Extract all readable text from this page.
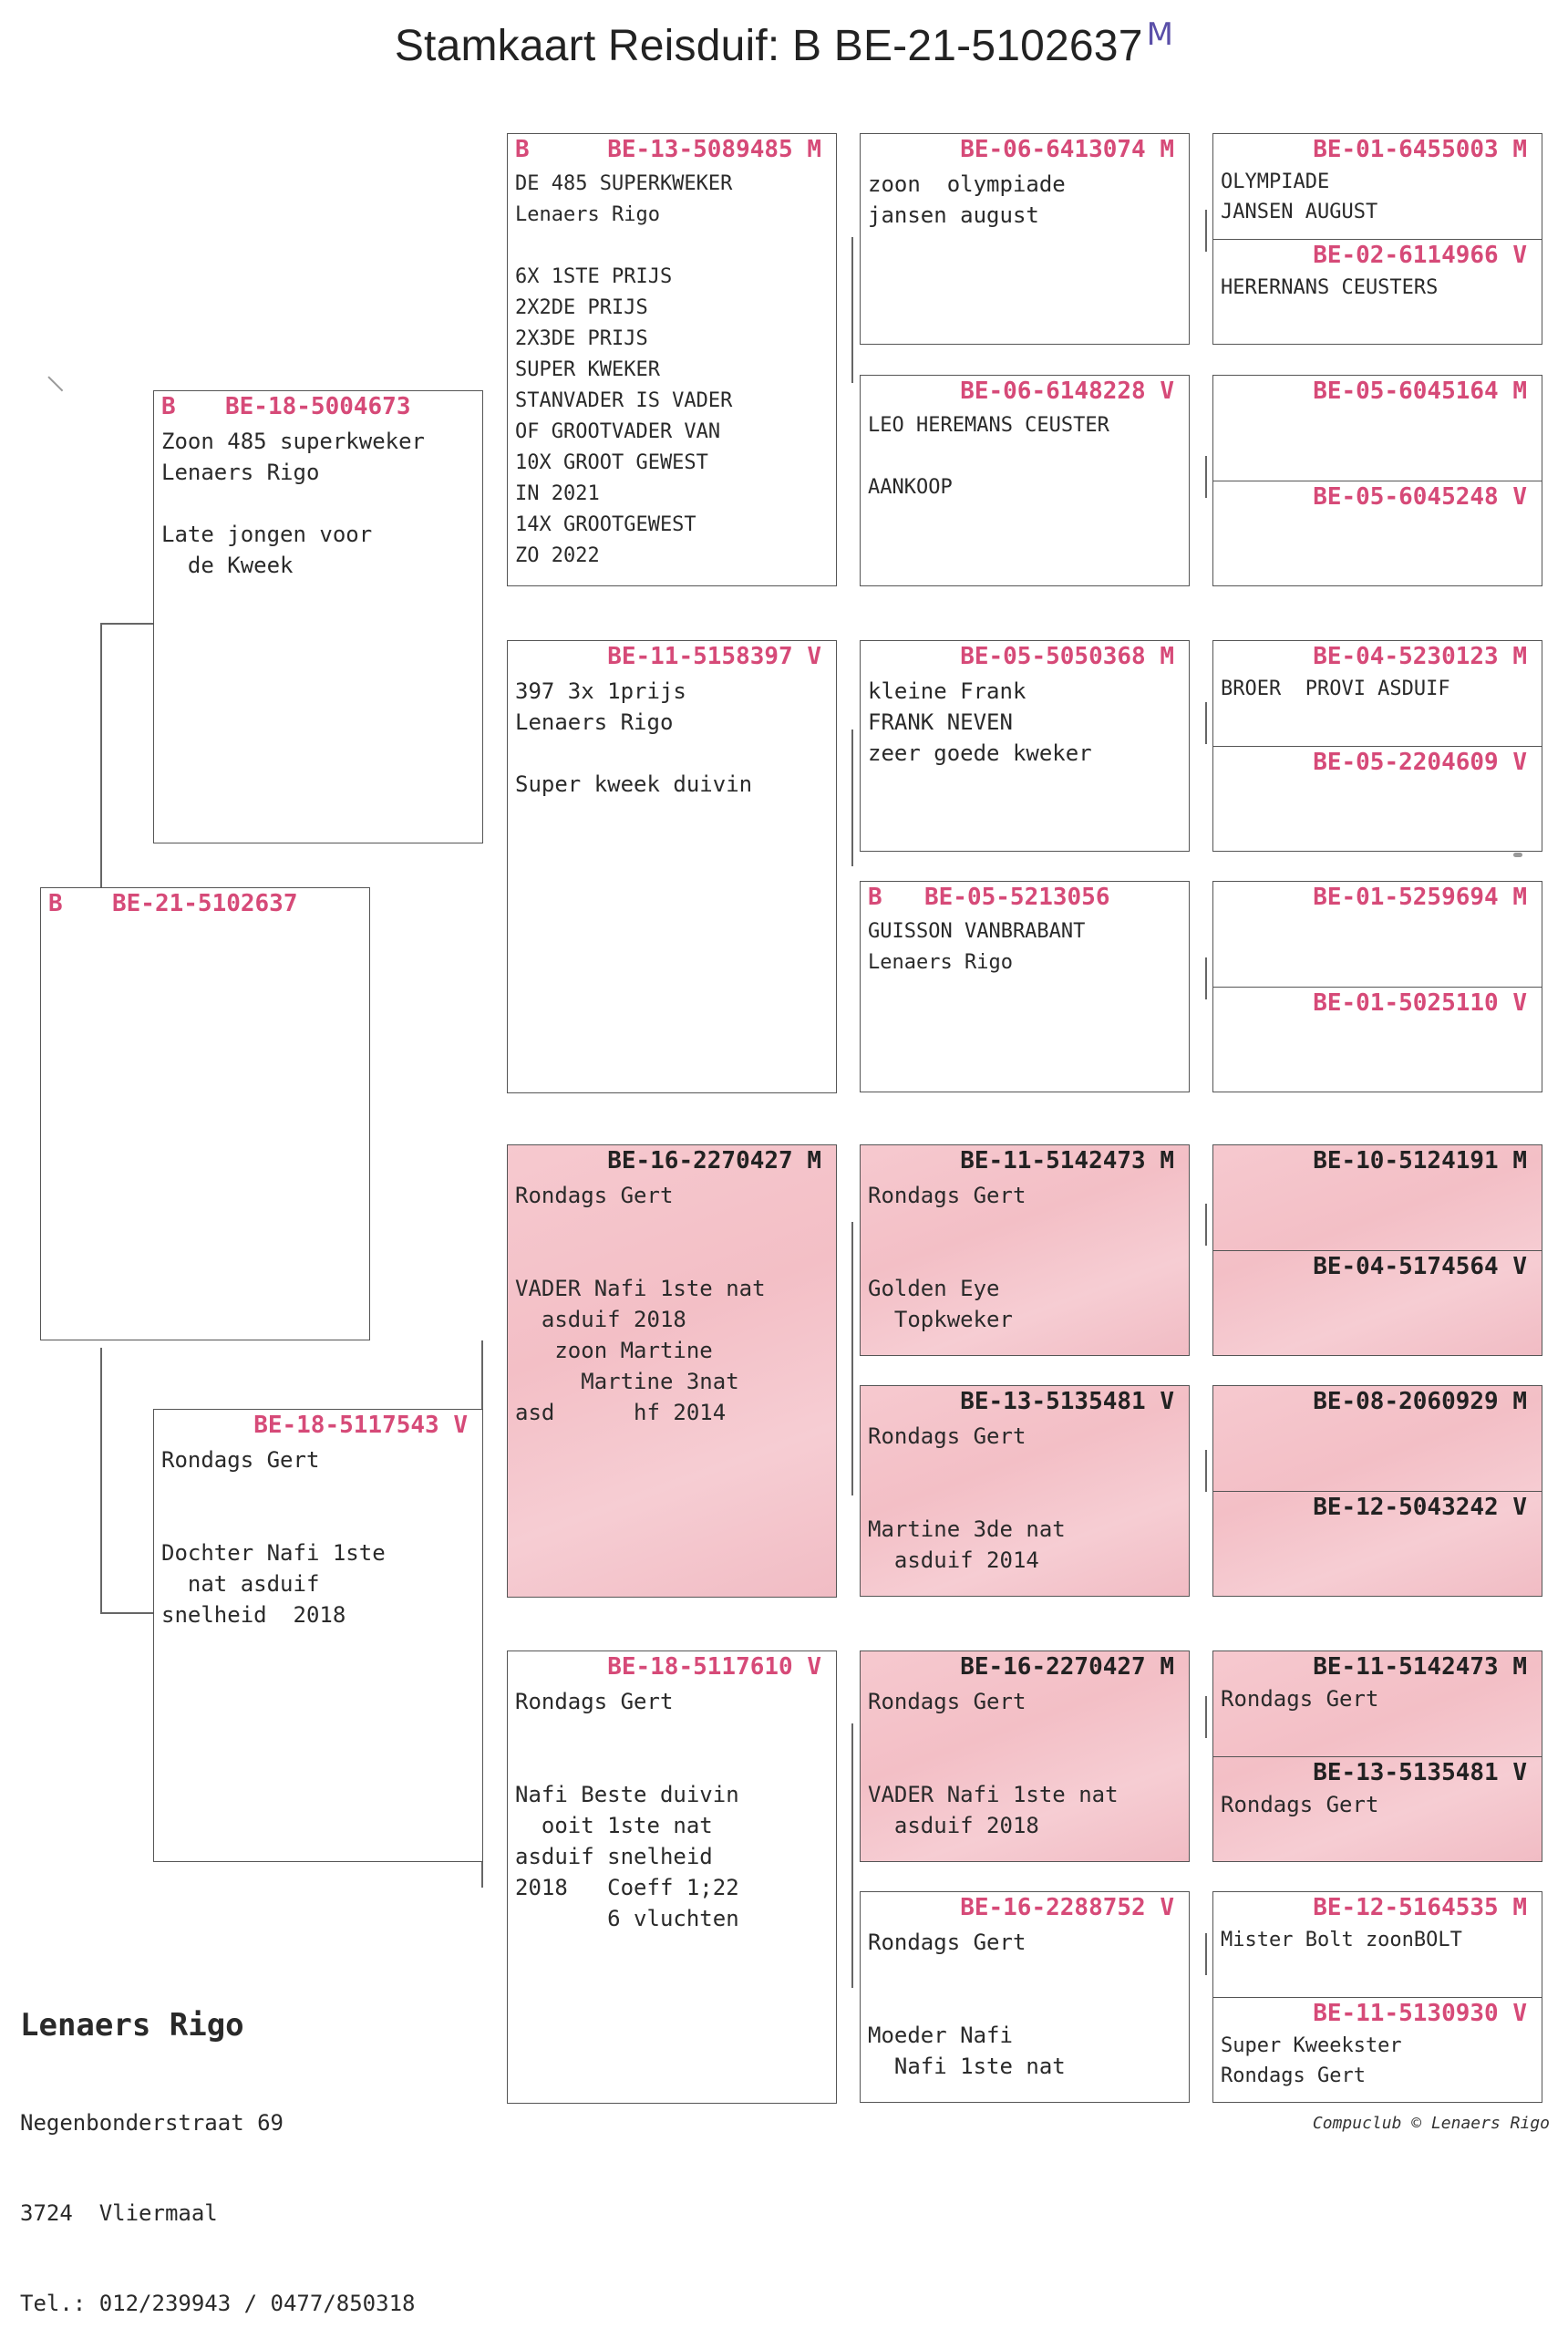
Stamkaart Reisduif: B BE-21-5102637 $^M$

B

BE-21-5102637

B

BE-18-5004673

Zoon 485 superkweker
Lenaers Rigo

Late jongen voor
de Kweek

BE-18-5117543 V

Rondags Gert

Dochter Nafi 1ste
nat asduif
snelheid  2018

B

	BE-13-5089485 M

DE 485 SUPERKWEKER
Lenaers Rigo

6X 1STE PRIJS
2X2DE PRIJS
2X3DE PRIJS
SUPER KWEKER
STANVADER IS VADER
OF GROOTVADER VAN
10X GROOT GEWEST
IN 2021
14X GROOTGEWEST
ZO 2022

BE-11-5158397 V

397 3x 1prijs
Lenaers Rigo

Super kweek duivin

BE-16-2270427 M

Rondags Gert

VADER Nafi 1ste nat
asduif 2018
zoon Martine
Martine 3nat
asd      hf 2014

BE-18-5117610 V

Rondags Gert

Nafi Beste duivin
ooit 1ste nat
asduif snelheid
2018   Coeff 1;22
6 vluchten
BE-06-6413074 M
zoon  olympiade
jansen august
BE-06-6148228 V
LEO HEREMANS CEUSTER

AANKOOP
BE-05-5050368 M
kleine Frank
FRANK NEVEN
zeer goede kweker

B

BE-05-5213056

GUISSON VANBRABANT
Lenaers Rigo
BE-11-5142473 M
Rondags Gert

Golden Eye
Topkweker
BE-13-5135481 V
Rondags Gert

Martine 3de nat
asduif 2014
BE-16-2270427 M
Rondags Gert

VADER Nafi 1ste nat
asduif 2018
BE-16-2288752 V
Rondags Gert

Moeder Nafi
Nafi 1ste nat
BE-01-6455003 M
OLYMPIADE
JANSEN AUGUST
BE-02-6114966 V
HERERNANS CEUSTERS
BE-05-6045164 M
BE-05-6045248 V
BE-04-5230123 M
BROER  PROVI ASDUIF
BE-05-2204609 V
BE-01-5259694 M
BE-01-5025110 V
BE-10-5124191 M
BE-04-5174564 V
BE-08-2060929 M
BE-12-5043242 V
BE-11-5142473 M
Rondags Gert
BE-13-5135481 V
Rondags Gert
BE-12-5164535 M
Mister Bolt zoonBOLT
BE-11-5130930 V
Super Kweekster
Rondags Gert

Lenaers Rigo

Negenbonderstraat 69

3724  Vliermaal

Tel.: 012/239943 / 0477/850318

Compuclub © Lenaers Rigo
